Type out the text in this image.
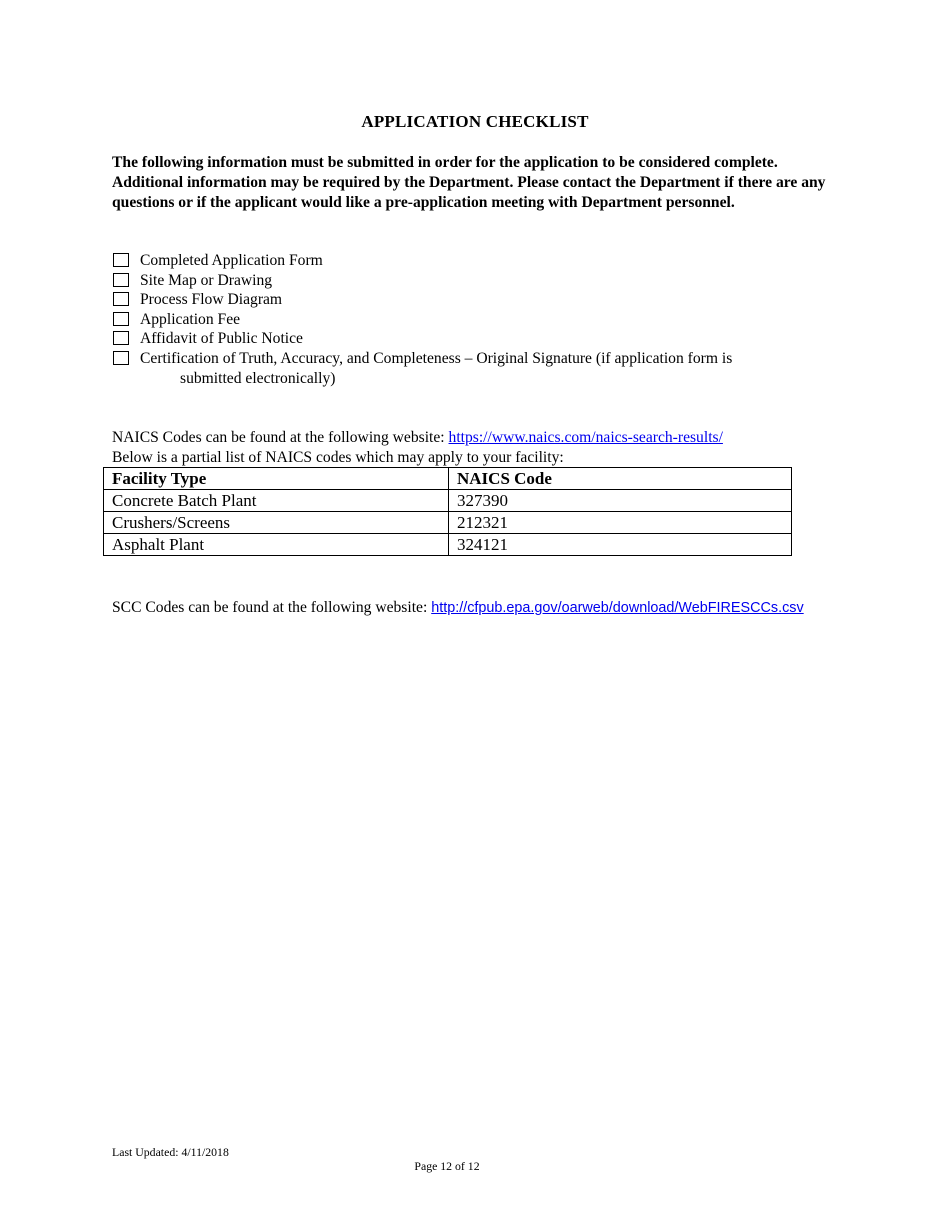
APPLICATION CHECKLIST
The following information must be submitted in order for the application to be considered complete. Additional information may be required by the Department. Please contact the Department if there are any questions or if the applicant would like a pre-application meeting with Department personnel.
Completed Application Form
Site Map or Drawing
Process Flow Diagram
Application Fee
Affidavit of Public Notice
Certification of Truth, Accuracy, and Completeness – Original Signature (if application form is
submitted electronically)
NAICS Codes can be found at the following website: https://www.naics.com/naics-search-results/
Below is a partial list of NAICS codes which may apply to your facility:
Facility Type	NAICS Code
Concrete Batch Plant	327390
Crushers/Screens	212321
Asphalt Plant	324121
SCC Codes can be found at the following website: http://cfpub.epa.gov/oarweb/download/WebFIRESCCs.csv
Last Updated: 4/11/2018
Page 12 of 12
